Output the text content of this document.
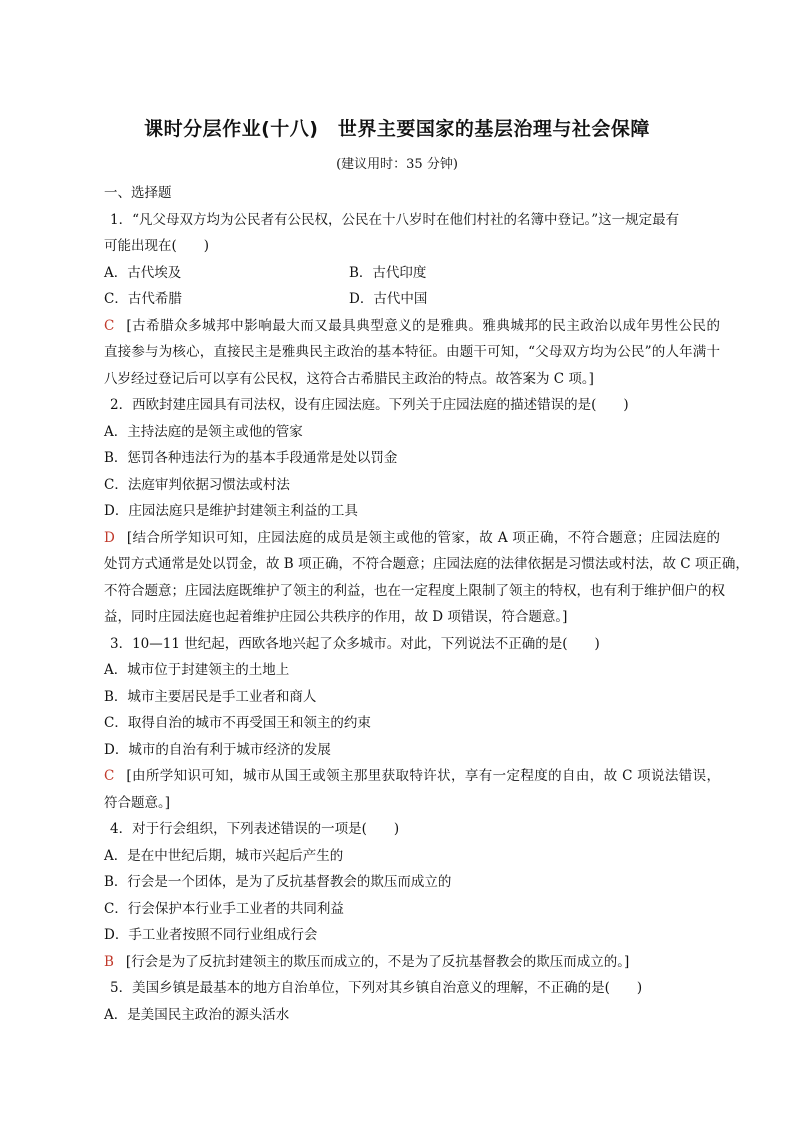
课时分层作业(十八)　世界主要国家的基层治理与社会保障
(建议用时：35 分钟)
一、选择题
1．“凡父母双方均为公民者有公民权，公民在十八岁时在他们村社的名簿中登记。”这一规定最有
可能出现在(　　)
A．古代埃及	B．古代印度
C．古代希腊	D．古代中国
C [古希腊众多城邦中影响最大而又最具典型意义的是雅典。雅典城邦的民主政治以成年男性公民的
直接参与为核心，直接民主是雅典民主政治的基本特征。由题干可知，“父母双方均为公民”的人年满十
八岁经过登记后可以享有公民权，这符合古希腊民主政治的特点。故答案为 C 项。]
2．西欧封建庄园具有司法权，设有庄园法庭。下列关于庄园法庭的描述错误的是(　　)
A．主持法庭的是领主或他的管家
B．惩罚各种违法行为的基本手段通常是处以罚金
C．法庭审判依据习惯法或村法
D．庄园法庭只是维护封建领主利益的工具
D [结合所学知识可知，庄园法庭的成员是领主或他的管家，故 A 项正确，不符合题意；庄园法庭的
处罚方式通常是处以罚金，故 B 项正确，不符合题意；庄园法庭的法律依据是习惯法或村法，故 C 项正确，
不符合题意；庄园法庭既维护了领主的利益，也在一定程度上限制了领主的特权，也有利于维护佃户的权
益，同时庄园法庭也起着维护庄园公共秩序的作用，故 D 项错误，符合题意。]
3．10—11 世纪起，西欧各地兴起了众多城市。对此，下列说法不正确的是(　　)
A．城市位于封建领主的土地上
B．城市主要居民是手工业者和商人
C．取得自治的城市不再受国王和领主的约束
D．城市的自治有利于城市经济的发展
C [由所学知识可知，城市从国王或领主那里获取特许状，享有一定程度的自由，故 C 项说法错误，
符合题意。]
4．对于行会组织，下列表述错误的一项是(　　)
A．是在中世纪后期，城市兴起后产生的
B．行会是一个团体，是为了反抗基督教会的欺压而成立的
C．行会保护本行业手工业者的共同利益
D．手工业者按照不同行业组成行会
B [行会是为了反抗封建领主的欺压而成立的，不是为了反抗基督教会的欺压而成立的。]
5．美国乡镇是最基本的地方自治单位，下列对其乡镇自治意义的理解，不正确的是(　　)
A．是美国民主政治的源头活水
